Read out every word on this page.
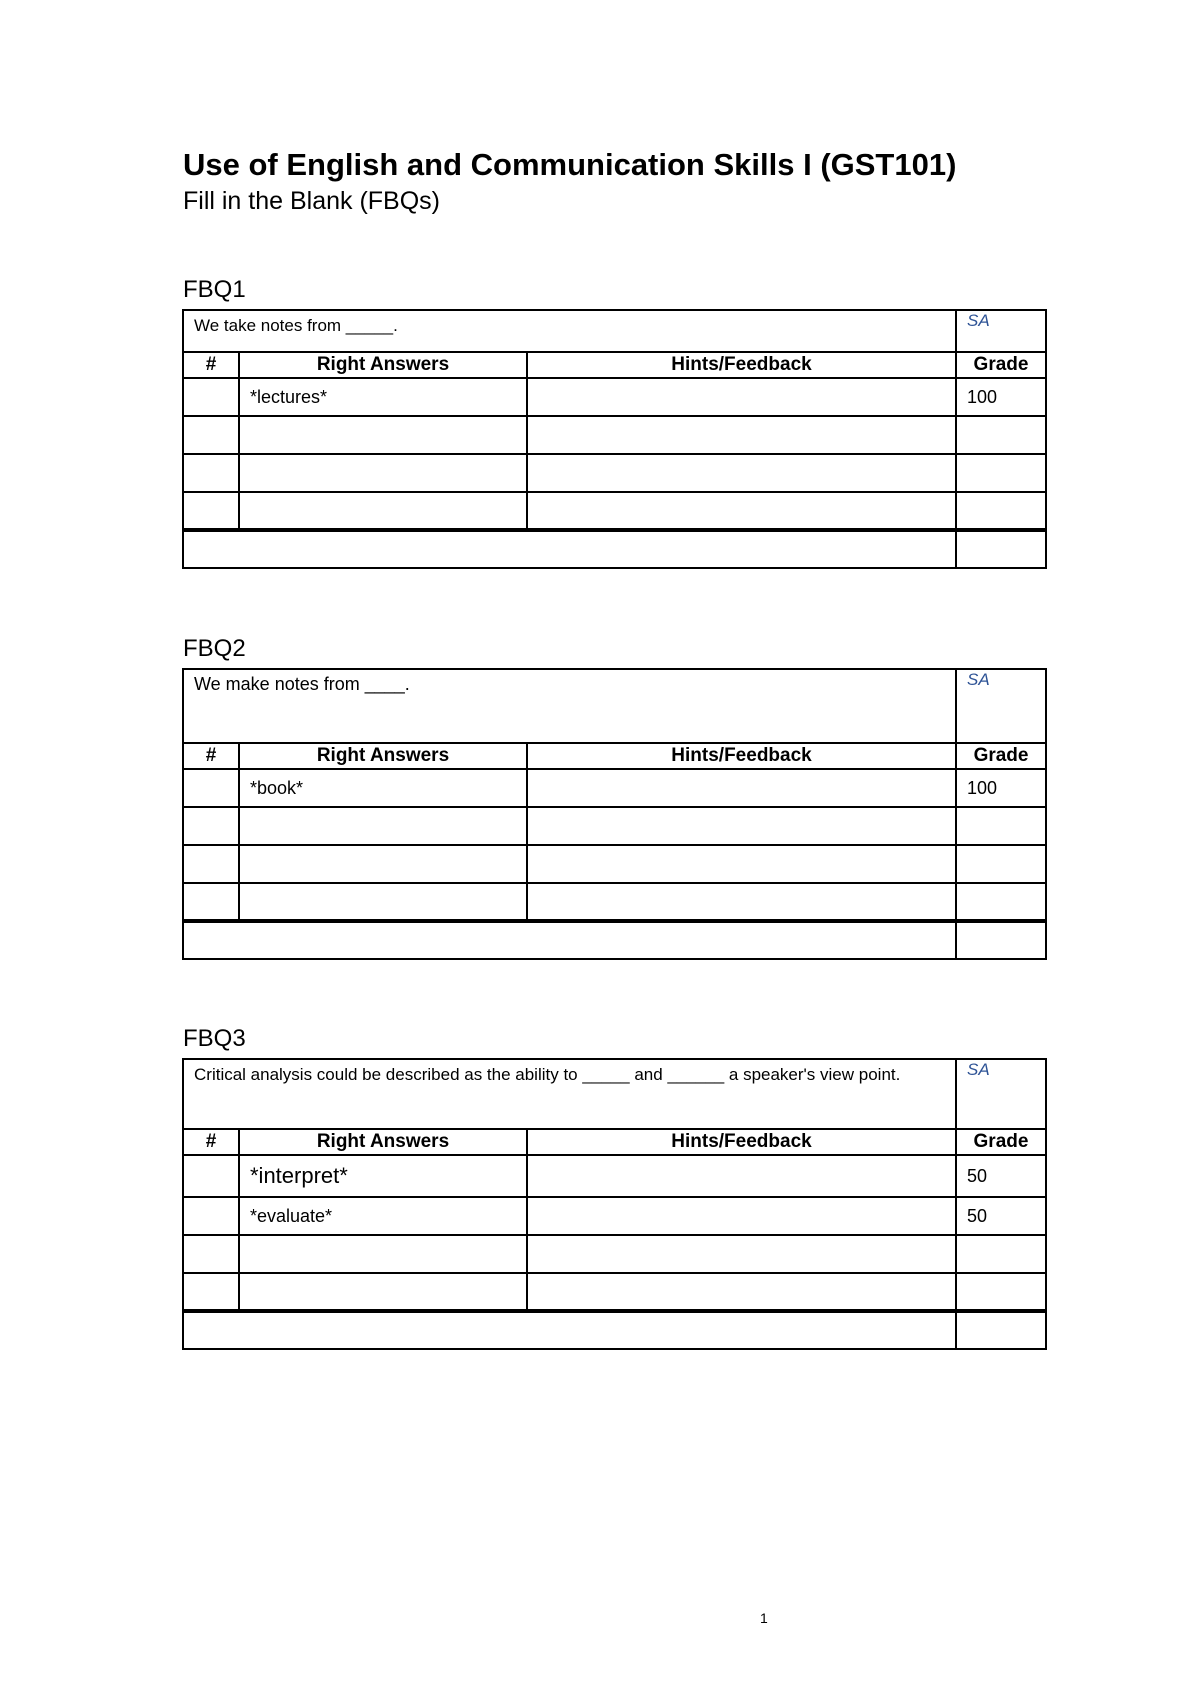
Use of English and Communication Skills I (GST101)
Fill in the Blank (FBQs)
FBQ1
We take notes from _____.			SA
#	Right Answers	Hints/Feedback	Grade
	*lectures*		100

FBQ2
We make notes from ____.			SA
#	Right Answers	Hints/Feedback	Grade
	*book*		100

FBQ3
Critical analysis could be described as the ability to _____ and ______ a speaker's view point.			SA
#	Right Answers	Hints/Feedback	Grade
	*interpret*		50
	*evaluate*		50

1
